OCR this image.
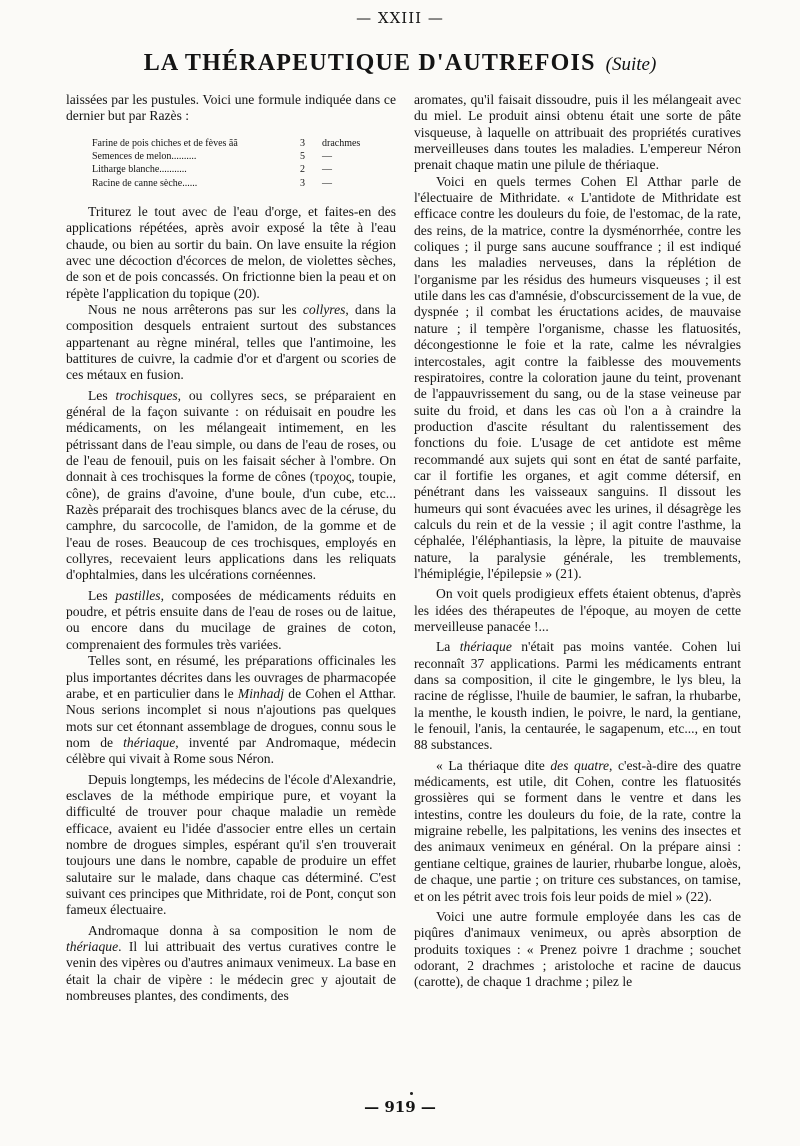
— XXIII —
LA THÉRAPEUTIQUE D'AUTREFOIS (Suite)

laissées par les pustules. Voici une formule indiquée dans ce dernier but par Razès :

Farine de pois chiches et de fèves ãã	3	drachmes
Semences de melon..........	5	—
Litharge blanche...........	2	—
Racine de canne sèche......	3	—

Triturez le tout avec de l'eau d'orge, et faites-en des applications répétées, après avoir exposé la tête à l'eau chaude, ou bien au sortir du bain. On lave ensuite la région avec une décoction d'écorces de melon, de violettes sèches, de son et de pois concassés. On frictionne bien la peau et on répète l'application du topique (20).

Nous ne nous arrêterons pas sur les collyres, dans la composition desquels entraient surtout des substances appartenant au règne minéral, telles que l'antimoine, les battitures de cuivre, la cadmie d'or et d'argent ou scories de ces métaux en fusion.

Les trochisques, ou collyres secs, se préparaient en général de la façon suivante : on réduisait en poudre les médicaments, on les mélangeait intimement, en les pétrissant dans de l'eau simple, ou dans de l'eau de roses, ou de l'eau de fenouil, puis on les faisait sécher à l'ombre. On donnait à ces trochisques la forme de cônes (τροχος, toupie, cône), de grains d'avoine, d'une boule, d'un cube, etc... Razès préparait des trochisques blancs avec de la céruse, du camphre, du sarcocolle, de l'amidon, de la gomme et de l'eau de roses. Beaucoup de ces trochisques, employés en collyres, recevaient leurs applications dans les reliquats d'ophtalmies, dans les ulcérations cornéennes.

Les pastilles, composées de médicaments réduits en poudre, et pétris ensuite dans de l'eau de roses ou de laitue, ou encore dans du mucilage de graines de coton, comprenaient des formules très variées.

Telles sont, en résumé, les préparations officinales les plus importantes décrites dans les ouvrages de pharmacopée arabe, et en particulier dans le Minhadj de Cohen el Atthar. Nous serions incomplet si nous n'ajoutions pas quelques mots sur cet étonnant assemblage de drogues, connu sous le nom de thériaque, inventé par Andromaque, médecin célèbre qui vivait à Rome sous Néron.

Depuis longtemps, les médecins de l'école d'Alexandrie, esclaves de la méthode empirique pure, et voyant la difficulté de trouver pour chaque maladie un remède efficace, avaient eu l'idée d'associer entre elles un certain nombre de drogues simples, espérant qu'il s'en trouverait toujours une dans le nombre, capable de produire un effet salutaire sur le malade, dans chaque cas déterminé. C'est suivant ces principes que Mithridate, roi de Pont, conçut son fameux électuaire.

Andromaque donna à sa composition le nom de thériaque. Il lui attribuait des vertus curatives contre le venin des vipères ou d'autres animaux venimeux. La base en était la chair de vipère : le médecin grec y ajoutait de nombreuses plantes, des condiments, des

aromates, qu'il faisait dissoudre, puis il les mélangeait avec du miel. Le produit ainsi obtenu était une sorte de pâte visqueuse, à laquelle on attribuait des propriétés curatives merveilleuses dans toutes les maladies. L'empereur Néron prenait chaque matin une pilule de thériaque.

Voici en quels termes Cohen El Atthar parle de l'électuaire de Mithridate. « L'antidote de Mithridate est efficace contre les douleurs du foie, de l'estomac, de la rate, des reins, de la matrice, contre la dysménorrhée, contre les coliques ; il purge sans aucune souffrance ; il est indiqué dans les maladies nerveuses, dans la réplétion de l'organisme par les résidus des humeurs visqueuses ; il est utile dans les cas d'amnésie, d'obscurcissement de la vue, de dyspnée ; il combat les éructations acides, de mauvaise nature ; il tempère l'organisme, chasse les flatuosités, décongestionne le foie et la rate, calme les névralgies intercostales, agit contre la faiblesse des mouvements respiratoires, contre la coloration jaune du teint, provenant de l'appauvrissement du sang, ou de la stase veineuse par suite du froid, et dans les cas où l'on a à craindre la production d'ascite résultant du ralentissement des fonctions du foie. L'usage de cet antidote est même recommandé aux sujets qui sont en état de santé parfaite, car il fortifie les organes, et agit comme détersif, en pénétrant dans les vaisseaux sanguins. Il dissout les humeurs qui sont évacuées avec les urines, il désagrège les calculs du rein et de la vessie ; il agit contre l'asthme, la céphalée, l'éléphantiasis, la lèpre, la pituite de mauvaise nature, la paralysie générale, les tremblements, l'hémiplégie, l'épilepsie » (21).

On voit quels prodigieux effets étaient obtenus, d'après les idées des thérapeutes de l'époque, au moyen de cette merveilleuse panacée !...

La thériaque n'était pas moins vantée. Cohen lui reconnaît 37 applications. Parmi les médicaments entrant dans sa composition, il cite le gingembre, le lys bleu, la racine de réglisse, l'huile de baumier, le safran, la rhubarbe, la menthe, le kousth indien, le poivre, le nard, la gentiane, le fenouil, l'anis, la centaurée, le sagapenum, etc..., en tout 88 substances.

« La thériaque dite des quatre, c'est-à-dire des quatre médicaments, est utile, dit Cohen, contre les flatuosités grossières qui se forment dans le ventre et dans les intestins, contre les douleurs du foie, de la rate, contre la migraine rebelle, les palpitations, les venins des insectes et des animaux venimeux en général. On la prépare ainsi : gentiane celtique, graines de laurier, rhubarbe longue, aloès, de chaque, une partie ; on triture ces substances, on tamise, et on les pétrit avec trois fois leur poids de miel » (22).

Voici une autre formule employée dans les cas de piqûres d'animaux venimeux, ou après absorption de produits toxiques : « Prenez poivre 1 drachme ; souchet odorant, 2 drachmes ; aristoloche et racine de daucus (carotte), de chaque 1 drachme ; pilez le

— 919 —
